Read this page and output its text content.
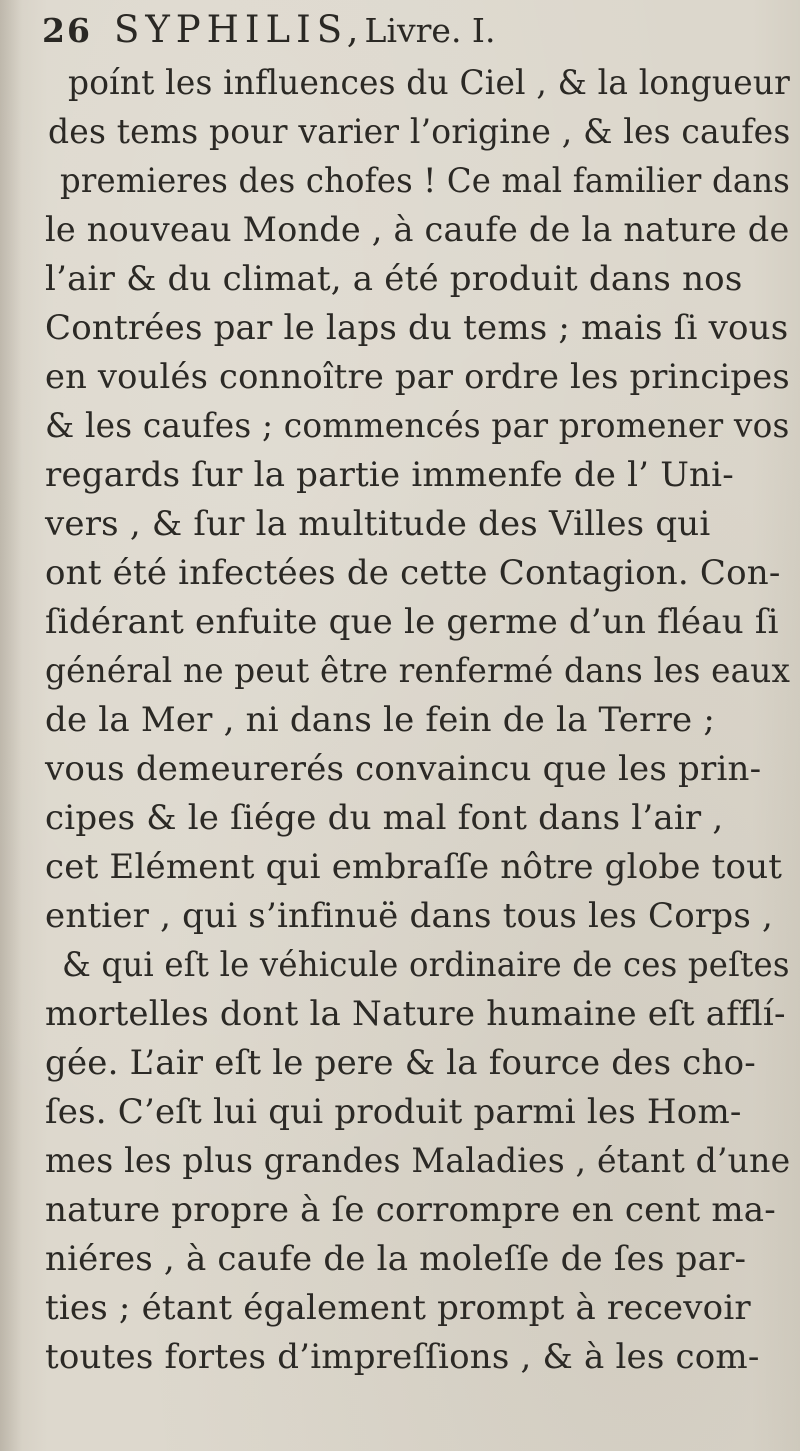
26 SYPHILIS, Livre. I.
poínt les influences du Ciel , & la longueur
des tems pour varier l’origine , & les caufes
premieres des chofes ! Ce mal familier dans
le nouveau Monde , à caufe de la nature de
l’air & du climat, a été produit dans nos
Contrées par le laps du tems ; mais ſi vous
en voulés connoître par ordre les principes
& les caufes ; commencés par promener vos
regards ſur la partie immenfe de l’ Uni-
vers , & ſur la multitude des Villes qui
ont été infectées de cette Contagion. Con-
ſidérant enfuite que le germe d’un fléau ſi
général ne peut être renfermé dans les eaux
de la Mer , ni dans le fein de la Terre ;
vous demeurerés convaincu que les prin-
cipes & le ſiége du mal font dans l’air ,
cet Elément qui embraſſe nôtre globe tout
entier , qui s’infinuë dans tous les Corps ,
& qui eſt le véhicule ordinaire de ces peſtes
mortelles dont la Nature humaine eſt afflí-
gée. L’air eſt le pere & la fource des cho-
ſes. C’eſt lui qui produit parmi les Hom-
mes les plus grandes Maladies , étant d’une
nature propre à ſe corrompre en cent ma-
niéres , à caufe de la moleſſe de ſes par-
ties ; étant également prompt à recevoir
toutes fortes d’impreſſions , & à les com-
